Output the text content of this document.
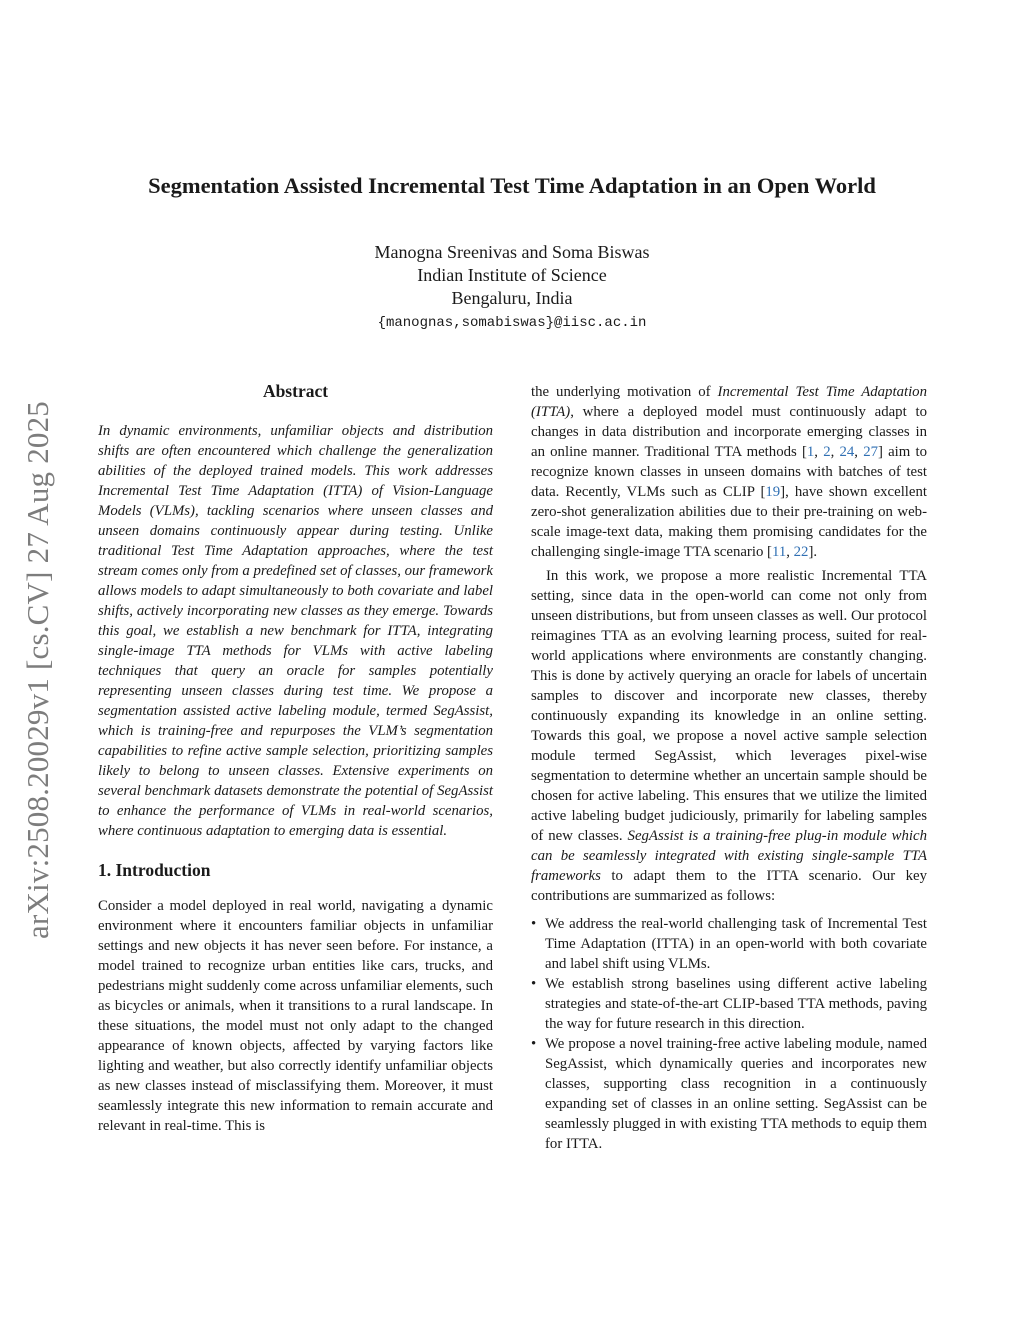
Segmentation Assisted Incremental Test Time Adaptation in an Open World
Manogna Sreenivas and Soma Biswas
Indian Institute of Science
Bengaluru, India
{manognas,somabiswas}@iisc.ac.in
arXiv:2508.20029v1 [cs.CV] 27 Aug 2025
Abstract

In dynamic environments, unfamiliar objects and distribution shifts are often encountered which challenge the generalization abilities of the deployed trained models. This work addresses Incremental Test Time Adaptation (ITTA) of Vision-Language Models (VLMs), tackling scenarios where unseen classes and unseen domains continuously appear during testing. Unlike traditional Test Time Adaptation approaches, where the test stream comes only from a predefined set of classes, our framework allows models to adapt simultaneously to both covariate and label shifts, actively incorporating new classes as they emerge. Towards this goal, we establish a new benchmark for ITTA, integrating single-image TTA methods for VLMs with active labeling techniques that query an oracle for samples potentially representing unseen classes during test time. We propose a segmentation assisted active labeling module, termed SegAssist, which is training-free and repurposes the VLM’s segmentation capabilities to refine active sample selection, prioritizing samples likely to belong to unseen classes. Extensive experiments on several benchmark datasets demonstrate the potential of SegAssist to enhance the performance of VLMs in real-world scenarios, where continuous adaptation to emerging data is essential.

1. Introduction

Consider a model deployed in real world, navigating a dynamic environment where it encounters familiar objects in unfamiliar settings and new objects it has never seen before. For instance, a model trained to recognize urban entities like cars, trucks, and pedestrians might suddenly come across unfamiliar elements, such as bicycles or animals, when it transitions to a rural landscape. In these situations, the model must not only adapt to the changed appearance of known objects, affected by varying factors like lighting and weather, but also correctly identify unfamiliar objects as new classes instead of misclassifying them. Moreover, it must seamlessly integrate this new information to remain accurate and relevant in real-time. This is

the underlying motivation of Incremental Test Time Adaptation (ITTA), where a deployed model must continuously adapt to changes in data distribution and incorporate emerging classes in an online manner. Traditional TTA methods [1, 2, 24, 27] aim to recognize known classes in unseen domains with batches of test data. Recently, VLMs such as CLIP [19], have shown excellent zero-shot generalization abilities due to their pre-training on web-scale image-text data, making them promising candidates for the challenging single-image TTA scenario [11, 22].

In this work, we propose a more realistic Incremental TTA setting, since data in the open-world can come not only from unseen distributions, but from unseen classes as well. Our protocol reimagines TTA as an evolving learning process, suited for real-world applications where environments are constantly changing. This is done by actively querying an oracle for labels of uncertain samples to discover and incorporate new classes, thereby continuously expanding its knowledge in an online setting. Towards this goal, we propose a novel active sample selection module termed SegAssist, which leverages pixel-wise segmentation to determine whether an uncertain sample should be chosen for active labeling. This ensures that we utilize the limited active labeling budget judiciously, primarily for labeling samples of new classes. SegAssist is a training-free plug-in module which can be seamlessly integrated with existing single-sample TTA frameworks to adapt them to the ITTA scenario. Our key contributions are summarized as follows:

• We address the real-world challenging task of Incremental Test Time Adaptation (ITTA) in an open-world with both covariate and label shift using VLMs.
• We establish strong baselines using different active labeling strategies and state-of-the-art CLIP-based TTA methods, paving the way for future research in this direction.
• We propose a novel training-free active labeling module, named SegAssist, which dynamically queries and incorporates new classes, supporting class recognition in a continuously expanding set of classes in an online setting. SegAssist can be seamlessly plugged in with existing TTA methods to equip them for ITTA.
